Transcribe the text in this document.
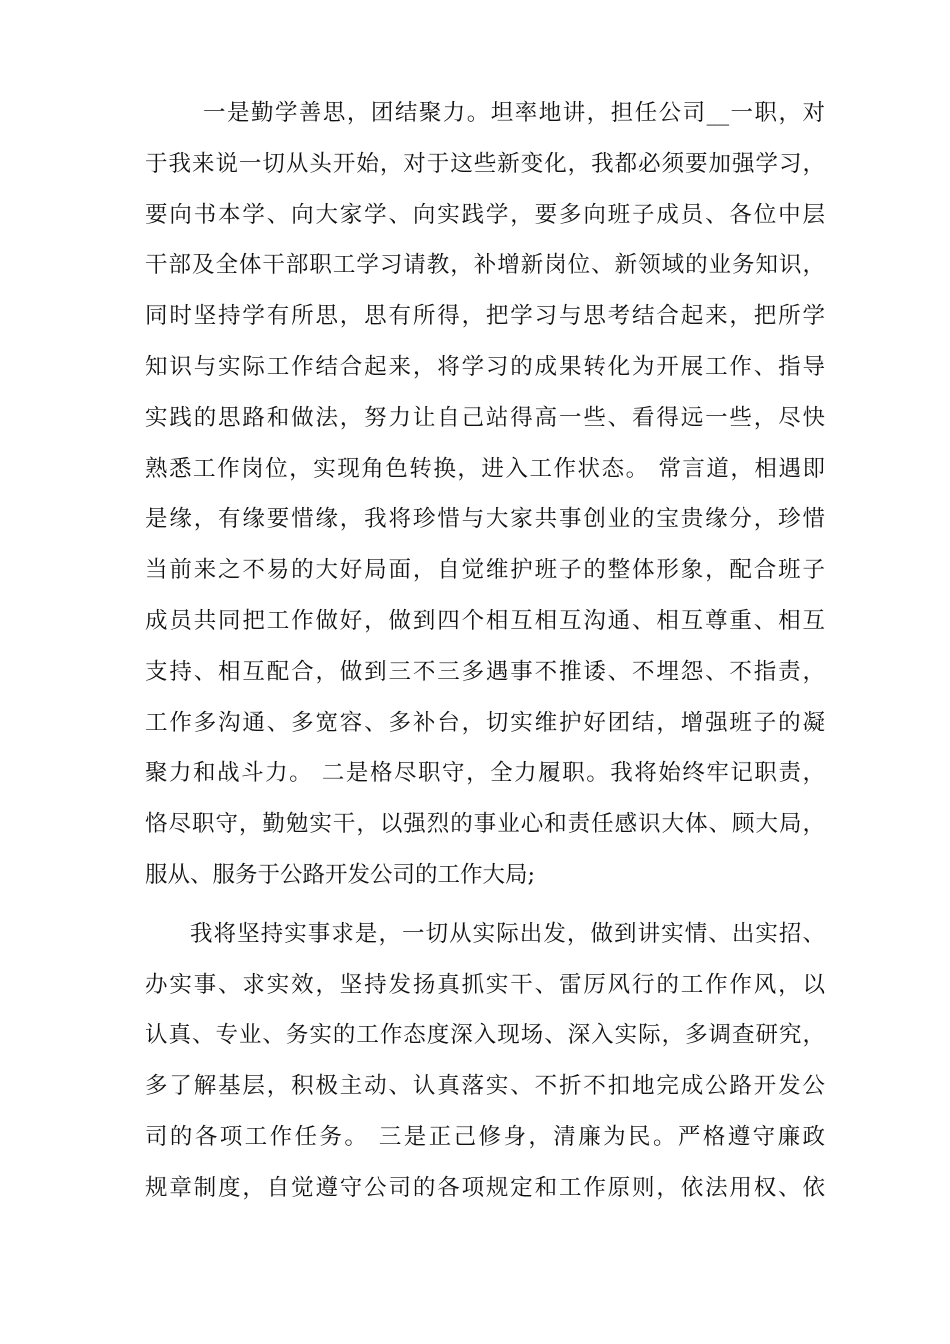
一是勤学善思，团结聚力。坦率地讲，担任公司__一职，对
于我来说一切从头开始，对于这些新变化，我都必须要加强学习，
要向书本学、向大家学、向实践学，要多向班子成员、各位中层
干部及全体干部职工学习请教，补增新岗位、新领域的业务知识，
同时坚持学有所思，思有所得，把学习与思考结合起来，把所学
知识与实际工作结合起来，将学习的成果转化为开展工作、指导
实践的思路和做法，努力让自己站得高一些、看得远一些，尽快
熟悉工作岗位，实现角色转换，进入工作状态。 常言道，相遇即
是缘，有缘要惜缘，我将珍惜与大家共事创业的宝贵缘分，珍惜
当前来之不易的大好局面，自觉维护班子的整体形象，配合班子
成员共同把工作做好，做到四个相互相互沟通、相互尊重、相互
支持、相互配合，做到三不三多遇事不推诿、不埋怨、不指责，
工作多沟通、多宽容、多补台，切实维护好团结，增强班子的凝
聚力和战斗力。 二是格尽职守，全力履职。我将始终牢记职责，
恪尽职守，勤勉实干，以强烈的事业心和责任感识大体、顾大局，
服从、服务于公路开发公司的工作大局;
我将坚持实事求是，一切从实际出发，做到讲实情、出实招、
办实事、求实效，坚持发扬真抓实干、雷厉风行的工作作风，以
认真、专业、务实的工作态度深入现场、深入实际，多调查研究，
多了解基层，积极主动、认真落实、不折不扣地完成公路开发公
司的各项工作任务。 三是正己修身，清廉为民。严格遵守廉政
规章制度，自觉遵守公司的各项规定和工作原则，依法用权、依
